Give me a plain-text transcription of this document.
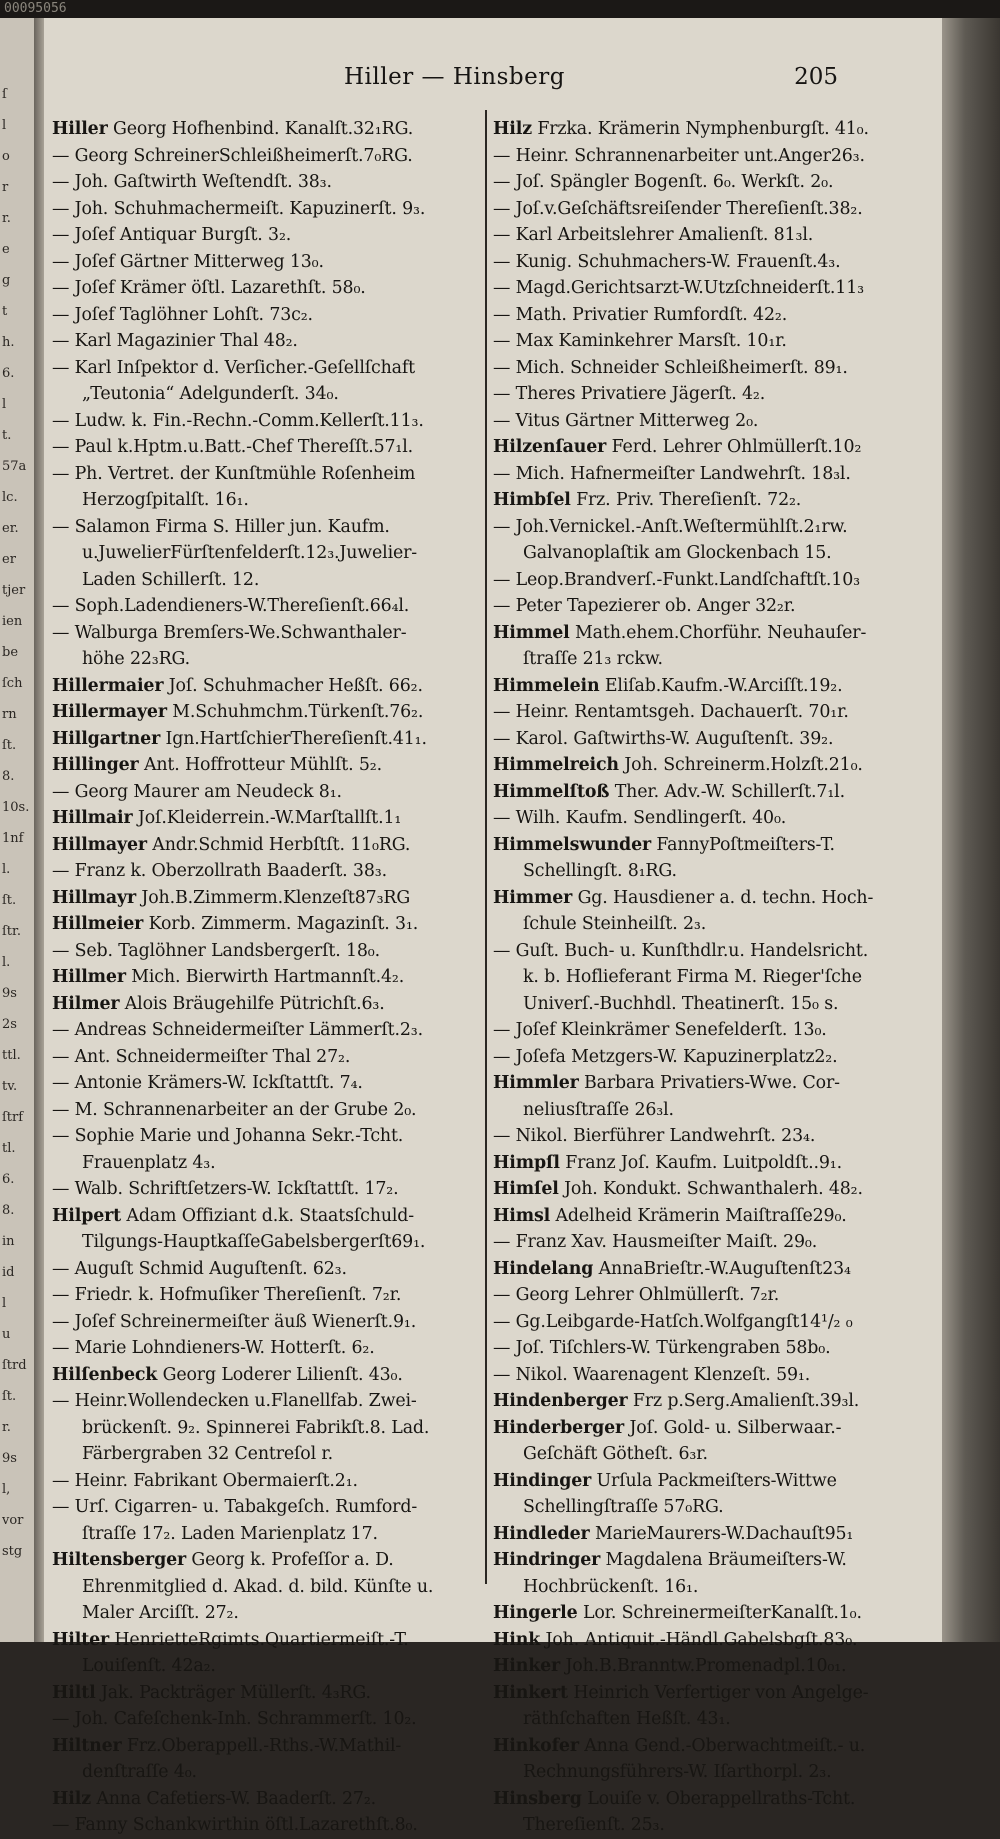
00095056
ſ
l
o
r
r.
e
g
t
h.
6.
l
t.
57a
lc.
er.
er
tjer
ien
be
ſch
rn
ſt.
8.
10s.
1nf
l.
ſt.
ſtr.
l.
9s
2s
ttl.
tv.
ſtrf
tl.
6.
8.
in
id
l
u
ſtrd
ſt.
r.
9s
l,
vor
stg
Hiller — Hinsberg	205
Hiller Georg Hofhenbind. Kanalſt.32₁RG.
— Georg SchreinerSchleißheimerſt.7₀RG.
— Joh. Gaſtwirth Weſtendſt. 38₃.
— Joh. Schuhmachermeiſt. Kapuzinerſt. 9₃.
— Joſef Antiquar Burgſt. 3₂.
— Joſef Gärtner Mitterweg 13₀.
— Joſef Krämer öſtl. Lazarethſt. 58₀.
— Joſef Taglöhner Lohſt. 73c₂.
— Karl Magazinier Thal 48₂.
— Karl Inſpektor d. Verſicher.-Geſellſchaft
„Teutonia“ Adelgunderſt. 34₀.
— Ludw. k. Fin.-Rechn.-Comm.Kellerſt.11₃.
— Paul k.Hptm.u.Batt.-Chef Thereſſt.57₁l.
— Ph. Vertret. der Kunſtmühle Roſenheim
Herzogſpitalſt. 16₁.
— Salamon Firma S. Hiller jun. Kaufm.
u.JuwelierFürſtenfelderſt.12₃.Juwelier-
Laden Schillerſt. 12.
— Soph.Ladendieners-W.Thereſienſt.66₄l.
— Walburga Bremſers-We.Schwanthaler-
höhe 22₃RG.
Hillermaier Joſ. Schuhmacher Heßſt. 66₂.
Hillermayer M.Schuhmchm.Türkenſt.76₂.
Hillgartner Ign.HartſchierThereſienſt.41₁.
Hillinger Ant. Hoffrotteur Mühlſt. 5₂.
— Georg Maurer am Neudeck 8₁.
Hillmair Joſ.Kleiderrein.-W.Marſtallſt.1₁
Hillmayer Andr.Schmid Herbſtſt. 11₀RG.
— Franz k. Oberzollrath Baaderſt. 38₃.
Hillmayr Joh.B.Zimmerm.Klenzeſt87₃RG
Hillmeier Korb. Zimmerm. Magazinſt. 3₁.
— Seb. Taglöhner Landsbergerſt. 18₀.
Hillmer Mich. Bierwirth Hartmannſt.4₂.
Hilmer Alois Bräugehilfe Pütrichſt.6₃.
— Andreas Schneidermeiſter Lämmerſt.2₃.
— Ant. Schneidermeiſter Thal 27₂.
— Antonie Krämers-W. Ickſtattſt. 7₄.
— M. Schrannenarbeiter an der Grube 2₀.
— Sophie Marie und Johanna Sekr.-Tcht.
Frauenplatz 4₃.
— Walb. Schriftſetzers-W. Ickſtattſt. 17₂.
Hilpert Adam Offiziant d.k. Staatsſchuld-
Tilgungs-HauptkaſſeGabelsbergerſt69₁.
— Auguſt Schmid Auguſtenſt. 62₃.
— Friedr. k. Hofmuſiker Thereſienſt. 7₂r.
— Joſef Schreinermeiſter äuß Wienerſt.9₁.
— Marie Lohndieners-W. Hotterſt. 6₂.
Hilſenbeck Georg Loderer Lilienſt. 43₀.
— Heinr.Wollendecken u.Flanellfab. Zwei-
brückenſt. 9₂. Spinnerei Fabrikſt.8. Lad.
Färbergraben 32 Centreſol r.
— Heinr. Fabrikant Obermaierſt.2₁.
— Urſ. Cigarren- u. Tabakgeſch. Rumford-
ſtraſſe 17₂. Laden Marienplatz 17.
Hiltensberger Georg k. Profeſſor a. D.
Ehrenmitglied d. Akad. d. bild. Künſte u.
Maler Arciſſt. 27₂.
Hilter HenrietteRgimts.Quartiermeiſt.-T.
Louiſenſt. 42a₂.
Hiltl Jak. Packträger Müllerſt. 4₃RG.
— Joh. Cafeſchenk-Inh. Schrammerſt. 10₂.
Hiltner Frz.Oberappell.-Rths.-W.Mathil-
denſtraſſe 4₀.
Hilz Anna Cafetiers-W. Baaderſt. 27₂.
— Fanny Schankwirthin öſtl.Lazarethſt.8₀.
Hilz Frzka. Krämerin Nymphenburgſt. 41₀.
— Heinr. Schrannenarbeiter unt.Anger26₃.
— Joſ. Spängler Bogenſt. 6₀. Werkſt. 2₀.
— Joſ.v.Geſchäftsreiſender Thereſienſt.38₂.
— Karl Arbeitslehrer Amalienſt. 81₃l.
— Kunig. Schuhmachers-W. Frauenſt.4₃.
— Magd.Gerichtsarzt-W.Utzſchneiderſt.11₃
— Math. Privatier Rumfordſt. 42₂.
— Max Kaminkehrer Marsſt. 10₁r.
— Mich. Schneider Schleißheimerſt. 89₁.
— Theres Privatiere Jägerſt. 4₂.
— Vitus Gärtner Mitterweg 2₀.
Hilzenſauer Ferd. Lehrer Ohlmüllerſt.10₂
— Mich. Hafnermeiſter Landwehrſt. 18₃l.
Himbſel Frz. Priv. Thereſienſt. 72₂.
— Joh.Vernickel.-Anſt.Weſtermühlſt.2₁rw.
Galvanoplaſtik am Glockenbach 15.
— Leop.Brandverſ.-Funkt.Landſchaftſt.10₃
— Peter Tapezierer ob. Anger 32₂r.
Himmel Math.ehem.Chorführ. Neuhauſer-
ſtraſſe 21₃ rckw.
Himmelein Eliſab.Kaufm.-W.Arciſſt.19₂.
— Heinr. Rentamtsgeh. Dachauerſt. 70₁r.
— Karol. Gaſtwirths-W. Auguſtenſt. 39₂.
Himmelreich Joh. Schreinerm.Holzſt.21₀.
Himmelſtoß Ther. Adv.-W. Schillerſt.7₁l.
— Wilh. Kaufm. Sendlingerſt. 40₀.
Himmelswunder FannyPoſtmeiſters-T.
Schellingſt. 8₁RG.
Himmer Gg. Hausdiener a. d. techn. Hoch-
ſchule Steinheilſt. 2₃.
— Guſt. Buch- u. Kunſthdlr.u. Handelsricht.
k. b. Hoflieferant Firma M. Rieger'ſche
Univerſ.-Buchhdl. Theatinerſt. 15₀ s.
— Joſef Kleinkrämer Senefelderſt. 13₀.
— Joſefa Metzgers-W. Kapuzinerplatz2₂.
Himmler Barbara Privatiers-Wwe. Cor-
neliusſtraſſe 26₃l.
— Nikol. Bierführer Landwehrſt. 23₄.
Himpſl Franz Joſ. Kaufm. Luitpoldſt..9₁.
Himſel Joh. Kondukt. Schwanthalerh. 48₂.
Himsl Adelheid Krämerin Maiſtraſſe29₀.
— Franz Xav. Hausmeiſter Maiſt. 29₀.
Hindelang AnnaBrieſtr.-W.Auguſtenſt23₄
— Georg Lehrer Ohlmüllerſt. 7₂r.
— Gg.Leibgarde-Hatſch.Wolfgangſt14¹/₂ ₀
— Joſ. Tiſchlers-W. Türkengraben 58b₀.
— Nikol. Waarenagent Klenzeſt. 59₁.
Hindenberger Frz p.Serg.Amalienſt.39₃l.
Hinderberger Joſ. Gold- u. Silberwaar.-
Geſchäft Götheſt. 6₃r.
Hindinger Urſula Packmeiſters-Wittwe
Schellingſtraſſe 57₀RG.
Hindleder MarieMaurers-W.Dachauſt95₁
Hindringer Magdalena Bräumeiſters-W.
Hochbrückenſt. 16₁.
Hingerle Lor. SchreinermeiſterKanalſt.1₀.
Hink Joh. Antiquit.-Händl.Gabelsbgſt.83₀.
Hinker Joh.B.Branntw.Promenadpl.10₀₁.
Hinkert Heinrich Verfertiger von Angelge-
räthſchaften Heßſt. 43₁.
Hinkofer Anna Gend.-Oberwachtmeiſt.- u.
Rechnungsführers-W. Iſarthorpl. 2₃.
Hinsberg Louiſe v. Oberappellraths-Tcht.
Thereſienſt. 25₃.
